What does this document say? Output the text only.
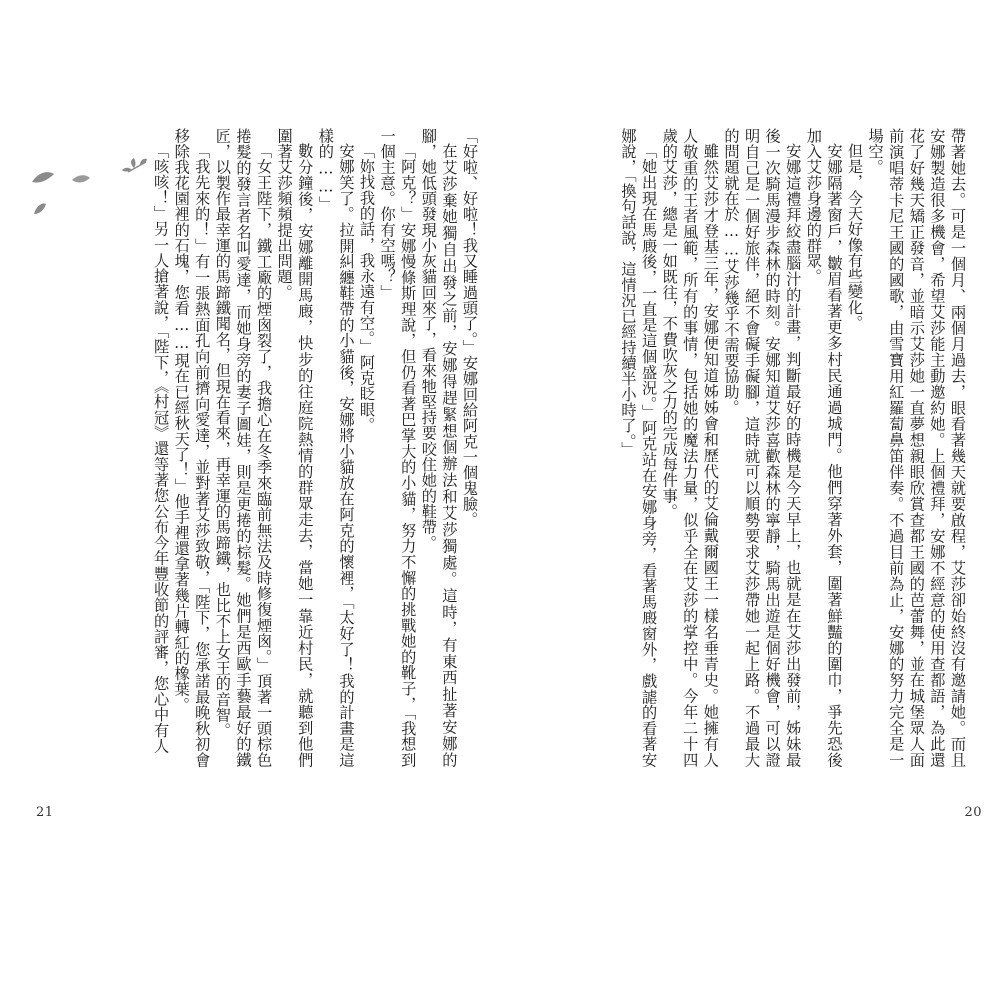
「好啦、好啦！我又睡過頭了。」安娜回給阿克一個鬼臉。

在艾莎棄她獨自出發之前，安娜得趕緊想個辦法和艾莎獨處。這時，有東西扯著安娜的腳，她低頭發現小灰貓回來了，看來牠堅持要咬住她的鞋帶。

「阿克？」安娜慢條斯理說，但仍看著巴掌大的小貓，努力不懈的挑戰她的靴子，「我想到一個主意。你有空嗎？」

「妳找我的話，我永遠有空。」阿克眨眼。

安娜笑了。拉開糾纏鞋帶的小貓後，安娜將小貓放在阿克的懷裡，「太好了！我的計畫是這樣的……」

數分鐘後，安娜離開馬廄，快步的往庭院熱情的群眾走去，當她一靠近村民，就聽到他們圍著艾莎頻頻提出問題。

「女王陛下，鐵工廠的煙囪裂了，我擔心在冬季來臨前無法及時修復煙囪。」頂著一頭棕色捲髮的發言者名叫愛達，而她身旁的妻子圖娃，則是更捲的棕髮。她們是西歐手藝最好的鐵匠，以製作最幸運的馬蹄鐵聞名，但現在看來，再幸運的馬蹄鐵，也比不上女王的音智。

「我先來的！」有一張熱面孔向前擠向愛達，並對著艾莎致敬，「陛下，您承諾最晚秋初會移除我花園裡的石塊，您看……現在已經秋天了！」他手裡還拿著幾片轉紅的橡葉。

「咳咳！」另一人搶著說，「陛下，《村冠》還等著您公布今年豐收節的評審，您心中有人

21

帶著她去。可是一個月、兩個月過去，眼看著幾天就要啟程，艾莎卻始終沒有邀請她。而且安娜製造很多機會，希望艾莎能主動邀約她。上個禮拜，安娜不經意的使用查都語，為此還花了好幾天矯正發音，並暗示艾莎她一直夢想親眼欣賞查都王國的芭蕾舞，並在城堡眾人面前演唱蒂卡尼王國的國歌，由雪寶用紅羅蔔鼻笛伴奏。不過目前為止，安娜的努力完全是一場空。

但是，今天好像有些變化。

安娜隔著窗戶，皺眉看著更多村民通過城門。他們穿著外套，圍著鮮豔的圍巾，爭先恐後加入艾莎身邊的群眾。

安娜這禮拜絞盡腦汁的計畫，判斷最好的時機是今天早上，也就是在艾莎出發前，姊妹最後一次騎馬漫步森林的時刻。安娜知道艾莎喜歡森林的寧靜，騎馬出遊是個好機會，可以證明自己是一個好旅伴，絕不會礙手礙腳，這時就可以順勢要求艾莎帶她一起上路。不過最大的問題就在於……艾莎幾乎不需要協助。

雖然艾莎才登基三年，安娜便知道姊姊會和歷代的艾倫戴爾國王一樣名垂青史。她擁有人人敬重的王者風範，所有的事情，包括她的魔法力量，似乎全在艾莎的掌控中。今年二十四歲的艾莎，總是一如既往，不費吹灰之力的完成每件事。

「她出現在馬廄後，一直是這個盛況。」阿克站在安娜身旁，看著馬廄窗外，戲謔的看著安娜說，「換句話說，這情況已經持續半小時了。」

20
